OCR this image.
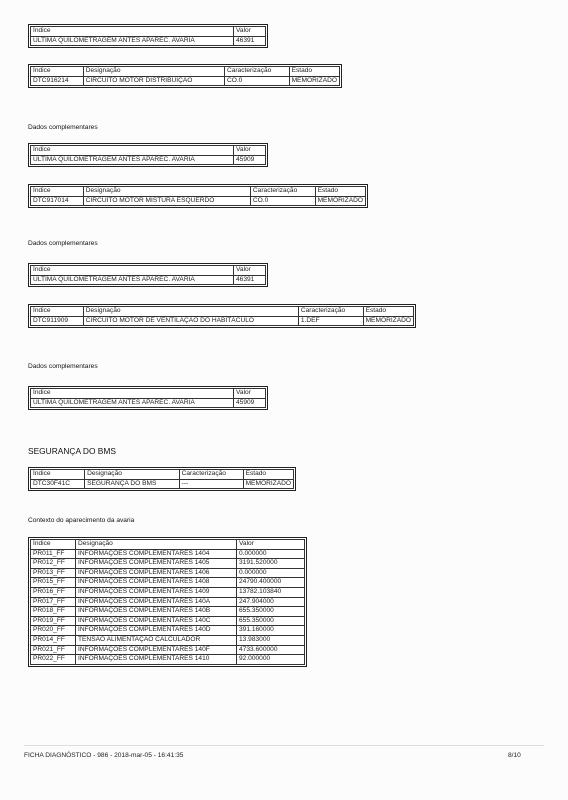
Índice	Valor
ÚLTIMA QUILOMETRAGEM ANTES APAREC. AVARIA	46391
Índice	Designação	Caracterização	Estado
DTC916214	CIRCUITO MOTOR DISTRIBUIÇÃO	CO.0	MEMORIZADO
Dados complementares
Índice	Valor
ÚLTIMA QUILOMETRAGEM ANTES APAREC. AVARIA	45909
Índice	Designação	Caracterização	Estado
DTC917014	CIRCUITO MOTOR MISTURA ESQUERDO	CO.0	MEMORIZADO
Dados complementares
Índice	Valor
ÚLTIMA QUILOMETRAGEM ANTES APAREC. AVARIA	46391
Índice	Designação	Caracterização	Estado
DTC911909	CIRCUITO MOTOR DE VENTILAÇÃO DO HABITÁCULO	1.DEF	MEMORIZADO
Dados complementares
Índice	Valor
ÚLTIMA QUILOMETRAGEM ANTES APAREC. AVARIA	45909
SEGURANÇA DO BMS
Índice	Designação	Caracterização	Estado
DTC30F41C	SEGURANÇA DO BMS	---	MEMORIZADO
Contexto do aparecimento da avaria
Índice	Designação	Valor
PR011_FF	INFORMAÇÕES COMPLEMENTARES 1404	0.000000
PR012_FF	INFORMAÇÕES COMPLEMENTARES 1405	3191.520000
PR013_FF	INFORMAÇÕES COMPLEMENTARES 1406	0.000000
PR015_FF	INFORMAÇÕES COMPLEMENTARES 1408	24790.400000
PR016_FF	INFORMAÇÕES COMPLEMENTARES 1409	13782.103840
PR017_FF	INFORMAÇÕES COMPLEMENTARES 140A	247.904000
PR018_FF	INFORMAÇÕES COMPLEMENTARES 140B	655.350000
PR019_FF	INFORMAÇÕES COMPLEMENTARES 140C	655.350000
PR020_FF	INFORMAÇÕES COMPLEMENTARES 140D	391.160000
PR014_FF	TENSÃO ALIMENTAÇÃO CALCULADOR	13.983000
PR021_FF	INFORMAÇÕES COMPLEMENTARES 140F	4733.600000
PR022_FF	INFORMAÇÕES COMPLEMENTARES 1410	92.000000
FICHA DIAGNÓSTICO - 986 - 2018-mar-05 - 16:41:35	8/10
